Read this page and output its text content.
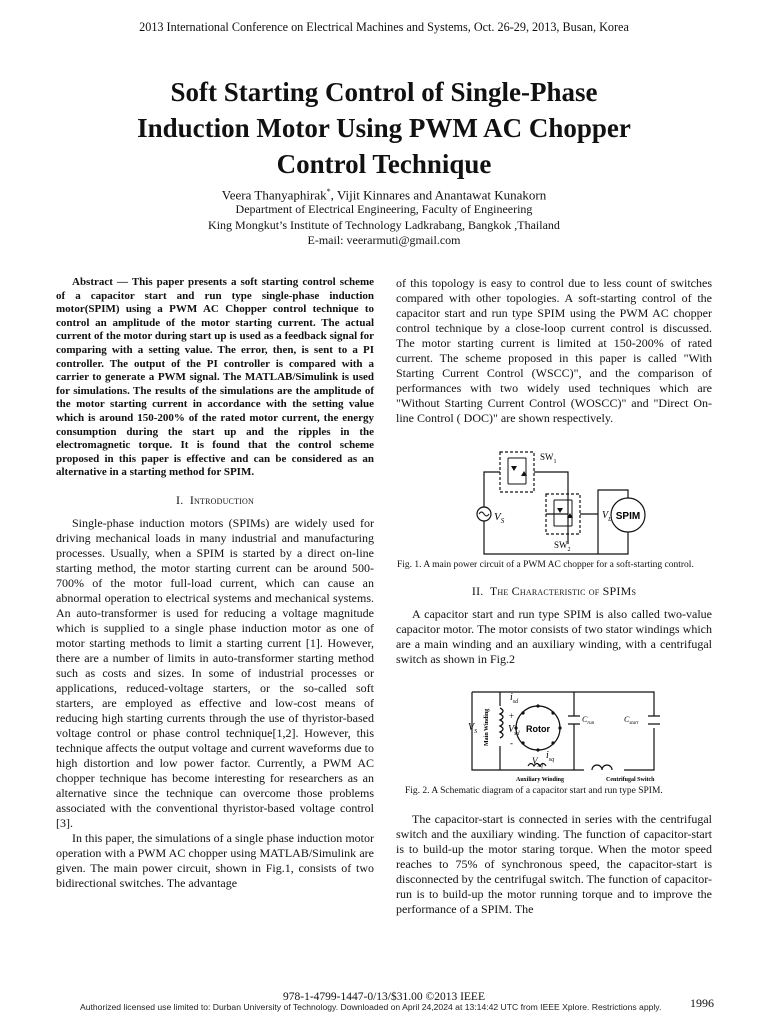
2013 International Conference on Electrical Machines and Systems, Oct. 26-29, 2013, Busan, Korea
Soft Starting Control of Single-Phase
Induction Motor Using PWM AC Chopper
Control Technique
Veera Thanyaphirak*, Vijit Kinnares and Anantawat Kunakorn
Department of Electrical Engineering, Faculty of Engineering
King Mongkut’s Institute of Technology Ladkrabang, Bangkok ,Thailand
E-mail: veerarmuti@gmail.com

Abstract — This paper presents a soft starting control scheme of a capacitor start and run type single-phase induction motor(SPIM) using a PWM AC Chopper control technique to control an amplitude of the motor starting current. The actual current of the motor during start up is used as a feedback signal for comparing with a setting value. The error, then, is sent to a PI controller. The output of the PI controller is compared with a carrier to generate a PWM signal. The MATLAB/Simulink is used for simulations. The results of the simulations are the amplitude of the motor starting current in accordance with the setting value which is around 150-200% of the rated motor current, the energy consumption during the start up and the ripples in the electromagnetic torque. It is found that the control scheme proposed in this paper is effective and can be considered as an alternative in a starting method for SPIM.

I. Introduction

Single-phase induction motors (SPIMs) are widely used for driving mechanical loads in many industrial and manufacturing processes. Usually, when a SPIM is started by a direct on-line starting method, the motor starting current can be around 500-700% of the motor full-load current, which can cause an abnormal operation to electrical systems and mechanical systems. An auto-transformer is used for reducing a voltage magnitude which is supplied to a single phase induction motor as one of motor starting methods to limit a starting current [1]. However, there are a number of limits in auto-transformer starting method such as costs and sizes. In some of industrial processes or applications, reduced-voltage starters, or the so-called soft starters, are employed as effective and low-cost means of reducing high starting currents through the use of thyristor-based voltage control or phase control technique[1,2]. However, this technique affects the output voltage and current waveforms due to high distortion and low power factor. Currently, a PWM AC chopper technique has become interesting for researchers as an alternative since the technique can overcome those problems associated with the conventional thyristor-based voltage control [3].

In this paper, the simulations of a single phase induction motor operation with a PWM AC chopper using MATLAB/Simulink are given. The main power circuit, shown in Fig.1, consists of two bidirectional switches. The advantage

of this topology is easy to control due to less count of switches compared with other topologies. A soft-starting control of the capacitor start and run type SPIM using the PWM AC chopper control technique by a close-loop current control is discussed. The motor starting current is limited at 150-200% of rated current. The scheme proposed in this paper is called "With Starting Current Control (WSCC)", and the comparison of performances with two widely used techniques which are "Without Starting Current Control (WOSCC)" and "Direct On-line Control ( DOC)" are shown respectively.

$SW_1$
$SW_2$
$V_S$	$V_L$ SPIM
Fig. 1. A main power circuit of a PWM AC chopper for a soft-starting control.
II. The Characteristic of SPIMs

A capacitor start and run type SPIM is also called two-value capacitor motor. The motor consists of two stator windings which are a main winding and an auxiliary winding, with a centrifugal switch as shown in Fig.2

$V_S$ Main Winding
$i_{sd}$
+
$V_{sd}$
-
Rotor
$i_{sq}$
$V_{sq}$
$C_{run}$	$C_{start}$
Auxiliary Winding	Centrifugal Switch
Fig. 2. A Schematic diagram of a capacitor start and run type SPIM.

The capacitor-start is connected in series with the centrifugal switch and the auxiliary winding. The function of capacitor-start is to build-up the motor staring torque. When the motor speed reaches to 75% of synchronous speed, the capacitor-start is disconnected by the centrifugal switch. The function of capacitor-run is to build-up the motor running torque and to improve the performance of a SPIM. The

978-1-4799-1447-0/13/$31.00 ©2013 IEEE
Authorized licensed use limited to: Durban University of Technology. Downloaded on April 24,2024 at 13:14:42 UTC from IEEE Xplore. Restrictions apply. 1996
